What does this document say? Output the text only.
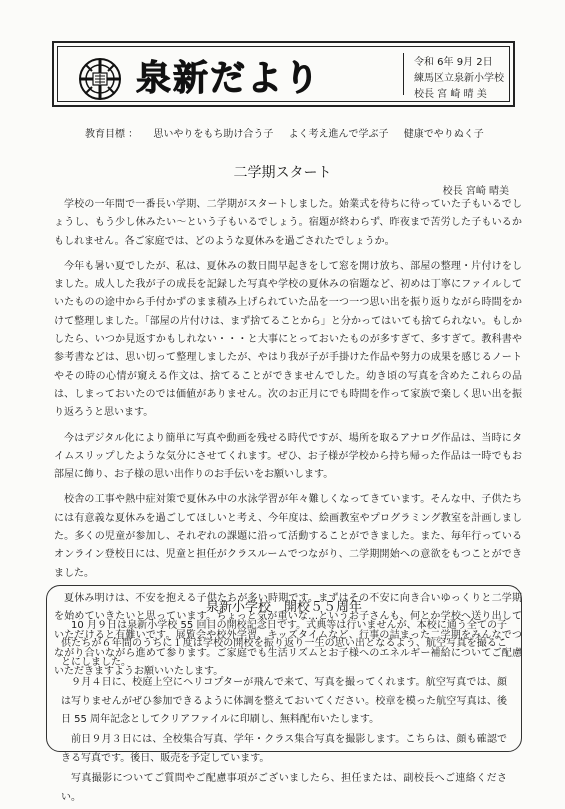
泉新だより	令和 6年 9月 2日
練馬区立泉新小学校
校長 宮 崎 晴 美
教育目標 ： 思いやりをもち助け合う子 よく考え進んで学ぶ子 健康でやりぬく子
二学期スタート
校長 宮崎 晴美

学校の一年間で一番長い学期、二学期がスタートしました。始業式を待ちに待っていた子もいるでしょうし、もう少し休みたい～という子もいるでしょう。宿題が終わらず、昨夜まで苦労した子もいるかもしれません。各ご家庭では、どのような夏休みを過ごされたでしょうか。

今年も暑い夏でしたが、私は、夏休みの数日間早起きをして窓を開け放ち、部屋の整理・片付けをしました。成人した我が子の成長を記録した写真や学校の夏休みの宿題など、初めは丁寧にファイルしていたものの途中から手付かずのまま積み上げられていた品を一つ一つ思い出を振り返りながら時間をかけて整理しました。「部屋の片付けは、まず捨てることから」と分かってはいても捨てられない。もしかしたら、いつか見返すかもしれない・・・と大事にとっておいたものが多すぎて、多すぎて。教科書や参考書などは、思い切って整理しましたが、やはり我が子が手掛けた作品や努力の成果を感じるノートやその時の心情が窺える作文は、捨てることができませんでした。幼き頃の写真を含めたこれらの品は、しまっておいたのでは価値がありません。次のお正月にでも時間を作って家族で楽しく思い出を振り返ろうと思います。

今はデジタル化により簡単に写真や動画を残せる時代ですが、場所を取るアナログ作品は、当時にタイムスリップしたような気分にさせてくれます。ぜひ、お子様が学校から持ち帰った作品は一時でもお部屋に飾り、お子様の思い出作りのお手伝いをお願いします。

校舎の工事や熱中症対策で夏休み中の水泳学習が年々難しくなってきています。そんな中、子供たちには有意義な夏休みを過ごしてほしいと考え、今年度は、絵画教室やプログラミング教室を計画しました。多くの児童が参加し、それぞれの課題に沿って活動することができました。また、毎年行っているオンライン登校日には、児童と担任がクラスルームでつながり、二学期開始への意欲をもつことができました。

夏休み明けは、不安を抱える子供たちが多い時期です。まずはその不安に向き合いゆっくりと二学期を始めていきたいと思っています。ちょっと気が重いな…というお子さんも、何とか学校へ送り出していただけると有難いです。展覧会や校外学習、キッズタイムなど、行事の詰まった二学期をみんなでつながり合いながら進めて参ります。ご家庭でも生活リズムとお子様へのエネルギー補給についてご配慮いただきますようお願いいたします。

泉新小学校　開校５５周年

10 月９日は泉新小学校 55 回目の開校記念日です。式典等は行いませんが、本校に通う全ての子供たちが６年間のうちに１度は学校の開校を振り返り一生の思い出となるよう、航空写真を撮ることにしました。

９月４日に、校庭上空にヘリコプターが飛んで来て、写真を撮ってくれます。航空写真では、顔は写りませんがぜひ参加できるように体調を整えておいてください。校章を模った航空写真は、後日 55 周年記念としてクリアファイルに印刷し、無料配布いたします。

前日９月３日には、全校集合写真、学年・クラス集合写真を撮影します。こちらは、顔も確認できる写真です。後日、販売を予定しています。

写真撮影についてご質問やご配慮事項がございましたら、担任または、副校長へご連絡ください。
